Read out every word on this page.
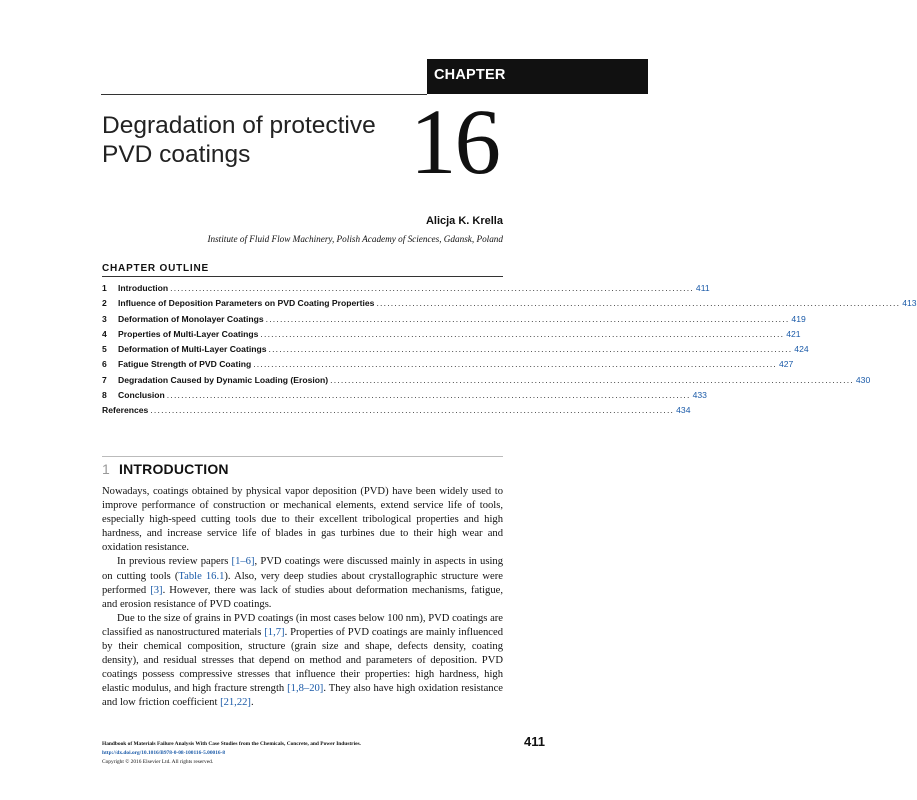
CHAPTER
Degradation of protective
PVD coatings	16
Alicja K. Krella
Institute of Fluid Flow Machinery, Polish Academy of Sciences, Gdansk, Poland
CHAPTER OUTLINE
1	Introduction .................................................................................................................................................. 411
2	Influence of Deposition Parameters on PVD Coating Properties .................................................................................................................................................. 413
3	Deformation of Monolayer Coatings .................................................................................................................................................. 419
4	Properties of Multi-Layer Coatings .................................................................................................................................................. 421
5	Deformation of Multi-Layer Coatings .................................................................................................................................................. 424
6	Fatigue Strength of PVD Coating .................................................................................................................................................. 427
7	Degradation Caused by Dynamic Loading (Erosion) .................................................................................................................................................. 430
8	Conclusion .................................................................................................................................................. 433
References .................................................................................................................................................. 434
1 INTRODUCTION

Nowadays, coatings obtained by physical vapor deposition (PVD) have been widely used to improve performance of construction or mechanical elements, extend service life of tools, especially high-speed cutting tools due to their excellent tribological properties and high hardness, and increase service life of blades in gas turbines due to their high wear and oxidation resistance.

In previous review papers [1–6], PVD coatings were discussed mainly in aspects in using on cutting tools (Table 16.1). Also, very deep studies about crystallographic structure were performed [3]. However, there was lack of studies about deformation mechanisms, fatigue, and erosion resistance of PVD coatings.

Due to the size of grains in PVD coatings (in most cases below 100 nm), PVD coatings are classified as nanostructured materials [1,7]. Properties of PVD coatings are mainly influenced by their chemical composition, structure (grain size and shape, defects density, coating density), and residual stresses that depend on method and parameters of deposition. PVD coatings possess compressive stresses that influence their properties: high hardness, high elastic modulus, and high fracture strength [1,8–20]. They also have high oxidation resistance and low friction coefficient [21,22].

Handbook of Materials Failure Analysis With Case Studies from the Chemicals, Concrete, and Power Industries.
http://dx.doi.org/10.1016/B978-0-08-100116-5.00016-8
Copyright © 2016 Elsevier Ltd. All rights reserved.
411
